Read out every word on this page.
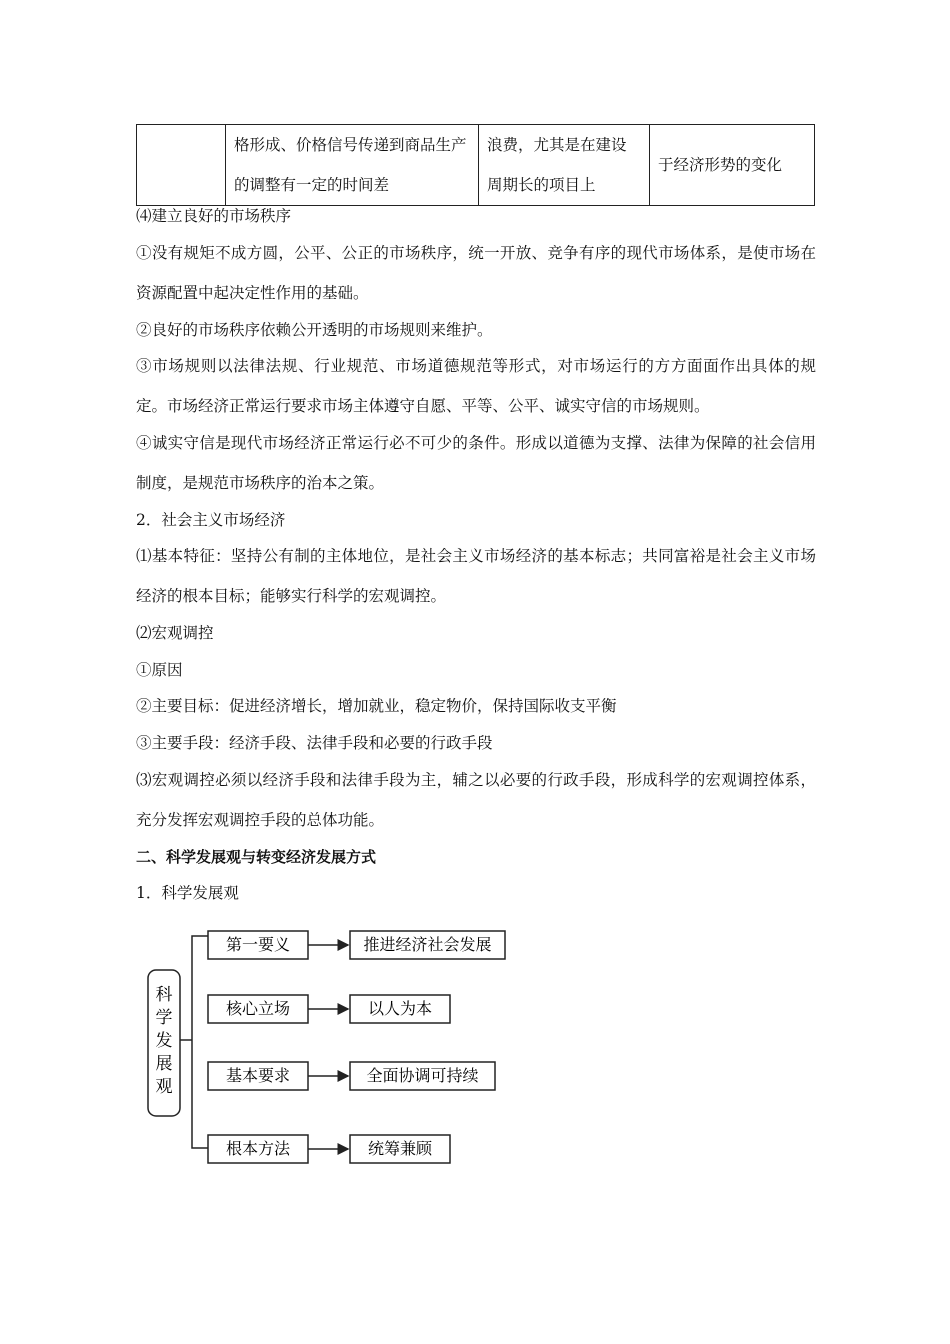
	格形成、价格信号传递到商品生产的调整有一定的时间差	浪费，尤其是在建设周期长的项目上	于经济形势的变化
⑷建立良好的市场秩序
①没有规矩不成方圆，公平、公正的市场秩序，统一开放、竞争有序的现代市场体系，是使市场在资源配置中起决定性作用的基础。
②良好的市场秩序依赖公开透明的市场规则来维护。
③市场规则以法律法规、行业规范、市场道德规范等形式，对市场运行的方方面面作出具体的规定。市场经济正常运行要求市场主体遵守自愿、平等、公平、诚实守信的市场规则。
④诚实守信是现代市场经济正常运行必不可少的条件。形成以道德为支撑、法律为保障的社会信用制度，是规范市场秩序的治本之策。
2．社会主义市场经济
⑴基本特征：坚持公有制的主体地位，是社会主义市场经济的基本标志；共同富裕是社会主义市场经济的根本目标；能够实行科学的宏观调控。
⑵宏观调控
①原因
②主要目标：促进经济增长，增加就业，稳定物价，保持国际收支平衡
③主要手段：经济手段、法律手段和必要的行政手段
⑶宏观调控必须以经济手段和法律手段为主，辅之以必要的行政手段，形成科学的宏观调控体系，充分发挥宏观调控手段的总体功能。
二、科学发展观与转变经济发展方式
1．科学发展观
科
学
发
展
观
第一要义	推进经济社会发展
核心立场	以人为本
基本要求	全面协调可持续
根本方法	统筹兼顾
